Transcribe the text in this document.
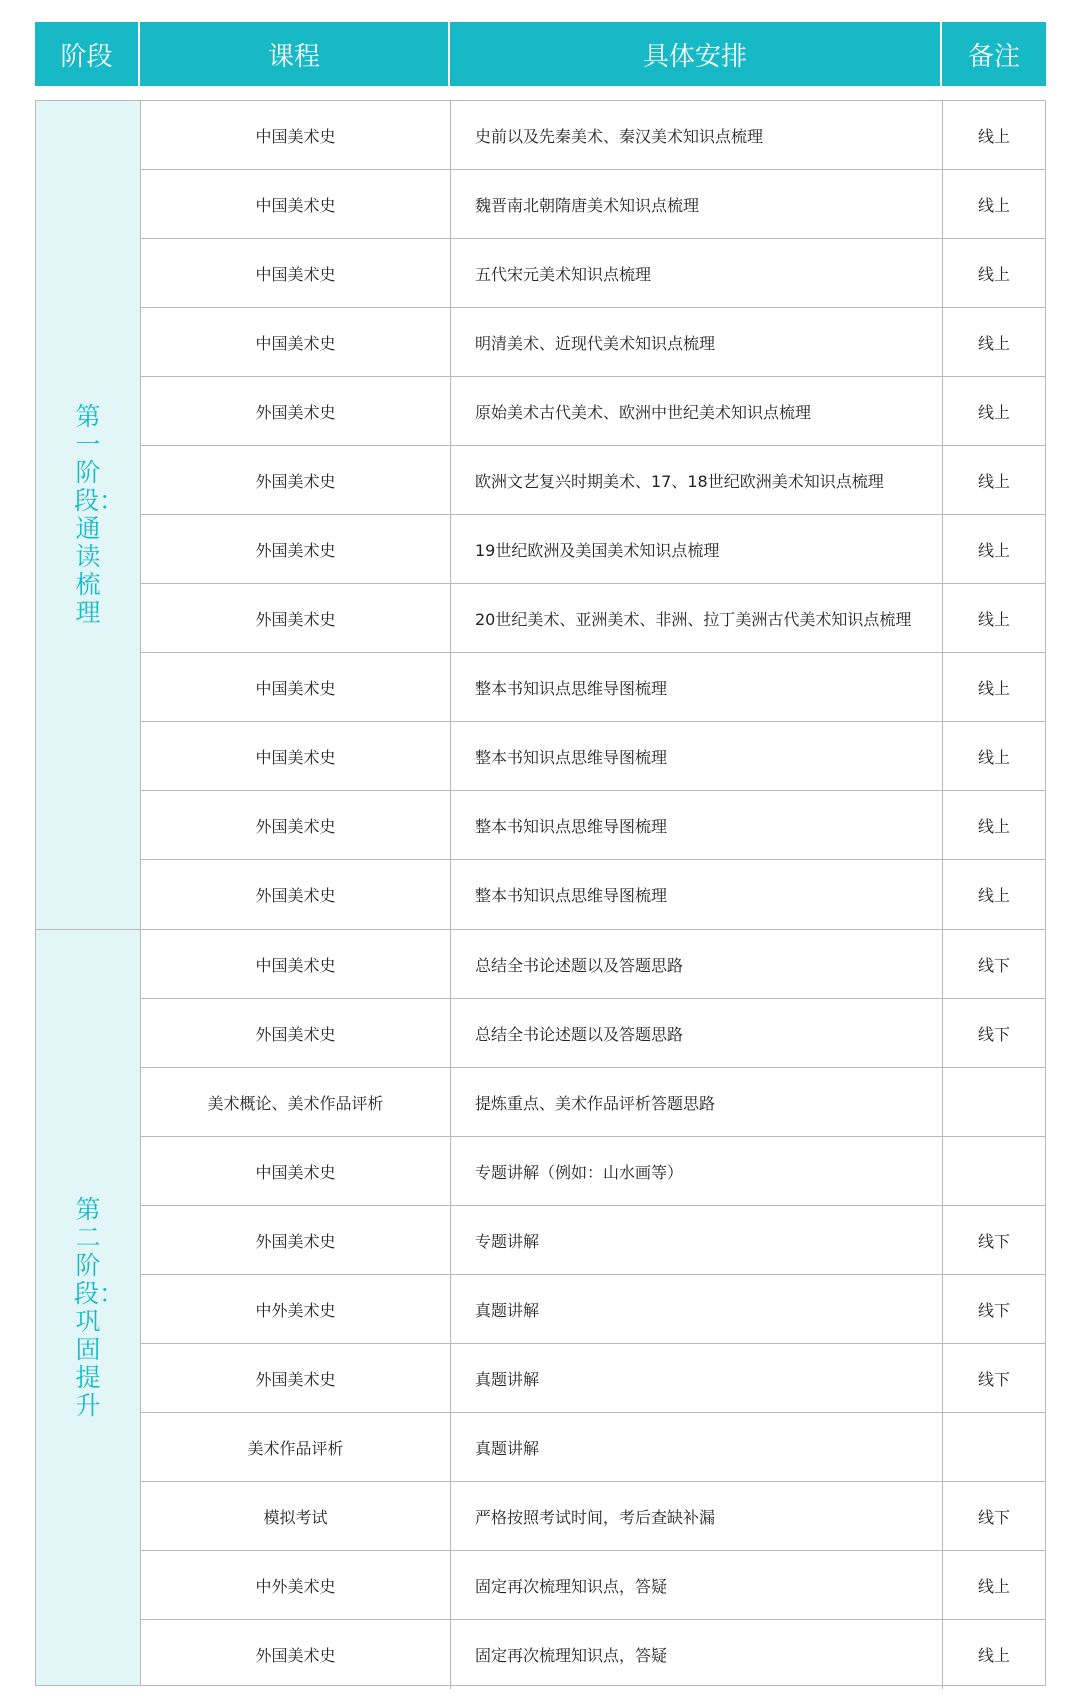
阶段	课程	具体安排	备注
第一阶段：通读梳理
中国美术史	史前以及先秦美术、秦汉美术知识点梳理	线上
中国美术史	魏晋南北朝隋唐美术知识点梳理	线上
中国美术史	五代宋元美术知识点梳理	线上
中国美术史	明清美术、近现代美术知识点梳理	线上
外国美术史	原始美术古代美术、欧洲中世纪美术知识点梳理	线上
外国美术史	欧洲文艺复兴时期美术、17、18世纪欧洲美术知识点梳理	线上
外国美术史	19世纪欧洲及美国美术知识点梳理	线上
外国美术史	20世纪美术、亚洲美术、非洲、拉丁美洲古代美术知识点梳理	线上
中国美术史	整本书知识点思维导图梳理	线上
中国美术史	整本书知识点思维导图梳理	线上
外国美术史	整本书知识点思维导图梳理	线上
外国美术史	整本书知识点思维导图梳理	线上
第二阶段：巩固提升
中国美术史	总结全书论述题以及答题思路	线下
外国美术史	总结全书论述题以及答题思路	线下
美术概论、美术作品评析	提炼重点、美术作品评析答题思路
中国美术史	专题讲解（例如：山水画等）
外国美术史	专题讲解	线下
中外美术史	真题讲解	线下
外国美术史	真题讲解	线下
美术作品评析	真题讲解
模拟考试	严格按照考试时间，考后查缺补漏	线下
中外美术史	固定再次梳理知识点，答疑	线上
外国美术史	固定再次梳理知识点，答疑	线上
